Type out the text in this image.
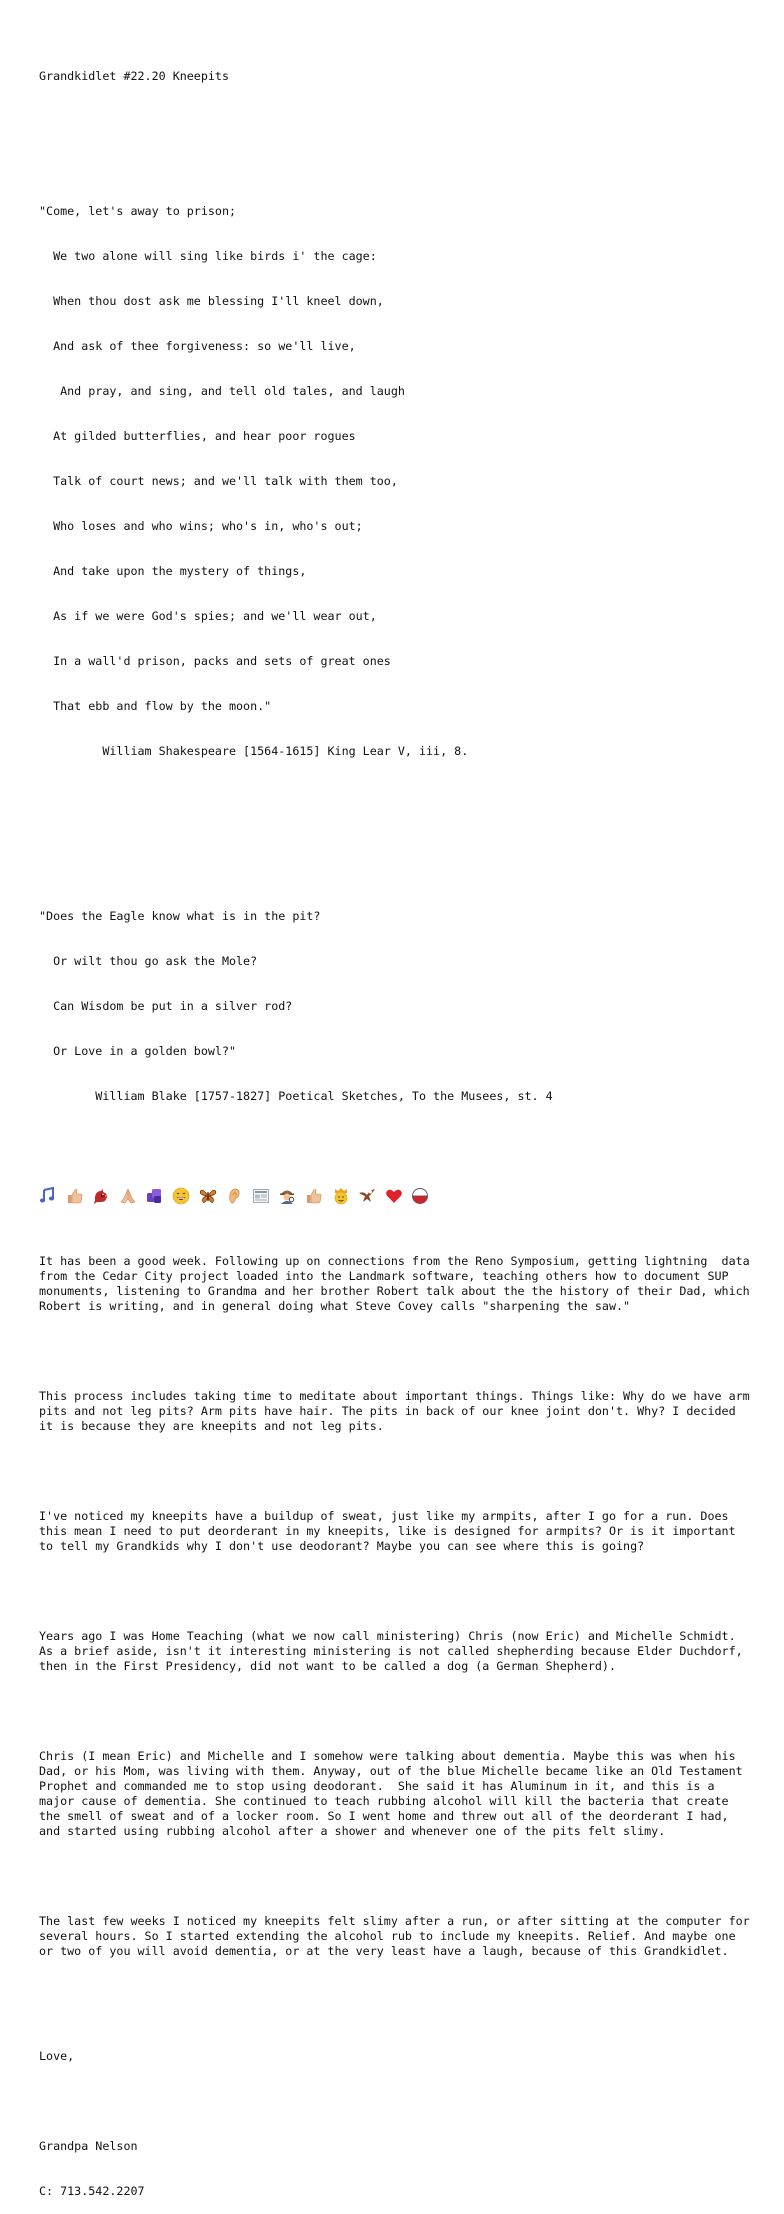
Grandkidlet #22.20 Kneepits

"Come, let's away to prison;

We two alone will sing like birds i' the cage:

When thou dost ask me blessing I'll kneel down,

And ask of thee forgiveness: so we'll live,

And pray, and sing, and tell old tales, and laugh

At gilded butterflies, and hear poor rogues

Talk of court news; and we'll talk with them too,

Who loses and who wins; who's in, who's out;

And take upon the mystery of things,

As if we were God's spies; and we'll wear out,

In a wall'd prison, packs and sets of great ones

That ebb and flow by the moon."

William Shakespeare [1564-1615] King Lear V, iii, 8.

"Does the Eagle know what is in the pit?

Or wilt thou go ask the Mole?

Can Wisdom be put in a silver rod?

Or Love in a golden bowl?"

William Blake [1757-1827] Poetical Sketches, To the Musees, st. 4

It has been a good week. Following up on connections from the Reno Symposium, getting lightning  data
from the Cedar City project loaded into the Landmark software, teaching others how to document SUP
monuments, listening to Grandma and her brother Robert talk about the the history of their Dad, which
Robert is writing, and in general doing what Steve Covey calls "sharpening the saw."

This process includes taking time to meditate about important things. Things like: Why do we have arm
pits and not leg pits? Arm pits have hair. The pits in back of our knee joint don't. Why? I decided
it is because they are kneepits and not leg pits.

I've noticed my kneepits have a buildup of sweat, just like my armpits, after I go for a run. Does
this mean I need to put deorderant in my kneepits, like is designed for armpits? Or is it important
to tell my Grandkids why I don't use deodorant? Maybe you can see where this is going?

Years ago I was Home Teaching (what we now call ministering) Chris (now Eric) and Michelle Schmidt.
As a brief aside, isn't it interesting ministering is not called shepherding because Elder Duchdorf,
then in the First Presidency, did not want to be called a dog (a German Shepherd).

Chris (I mean Eric) and Michelle and I somehow were talking about dementia. Maybe this was when his
Dad, or his Mom, was living with them. Anyway, out of the blue Michelle became like an Old Testament
Prophet and commanded me to stop using deodorant.  She said it has Aluminum in it, and this is a
major cause of dementia. She continued to teach rubbing alcohol will kill the bacteria that create
the smell of sweat and of a locker room. So I went home and threw out all of the deorderant I had,
and started using rubbing alcohol after a shower and whenever one of the pits felt slimy.

The last few weeks I noticed my kneepits felt slimy after a run, or after sitting at the computer for
several hours. So I started extending the alcohol rub to include my kneepits. Relief. And maybe one
or two of you will avoid dementia, or at the very least have a laugh, because of this Grandkidlet.

Love,

Grandpa Nelson

C: 713.542.2207
